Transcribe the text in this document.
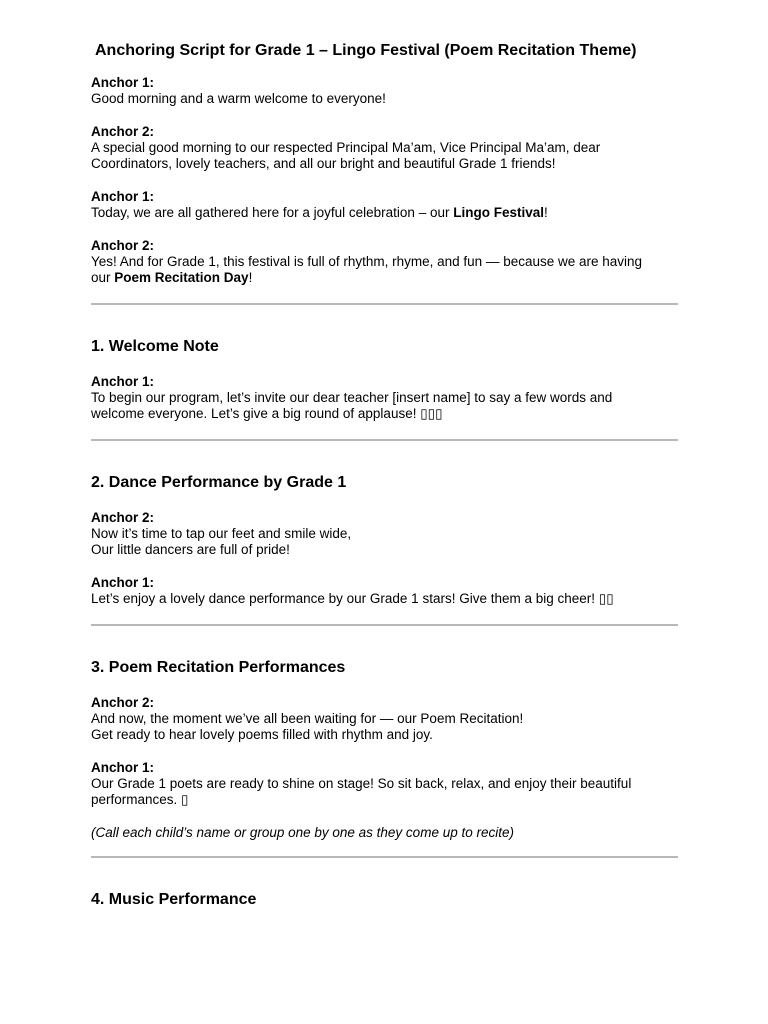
Anchoring Script for Grade 1 – Lingo Festival (Poem Recitation Theme)
Anchor 1:
Good morning and a warm welcome to everyone!
Anchor 2:
A special good morning to our respected Principal Ma’am, Vice Principal Ma’am, dear
Coordinators, lovely teachers, and all our bright and beautiful Grade 1 friends!
Anchor 1:
Today, we are all gathered here for a joyful celebration – our Lingo Festival!
Anchor 2:
Yes! And for Grade 1, this festival is full of rhythm, rhyme, and fun — because we are having
our Poem Recitation Day!
1. Welcome Note
Anchor 1:
To begin our program, let’s invite our dear teacher [insert name] to say a few words and
welcome everyone. Let’s give a big round of applause! ▯▯▯
2. Dance Performance by Grade 1
Anchor 2:
Now it’s time to tap our feet and smile wide,
Our little dancers are full of pride!
Anchor 1:
Let’s enjoy a lovely dance performance by our Grade 1 stars! Give them a big cheer! ▯▯
3. Poem Recitation Performances
Anchor 2:
And now, the moment we’ve all been waiting for — our Poem Recitation!
Get ready to hear lovely poems filled with rhythm and joy.
Anchor 1:
Our Grade 1 poets are ready to shine on stage! So sit back, relax, and enjoy their beautiful
performances. ▯
(Call each child’s name or group one by one as they come up to recite)
4. Music Performance
